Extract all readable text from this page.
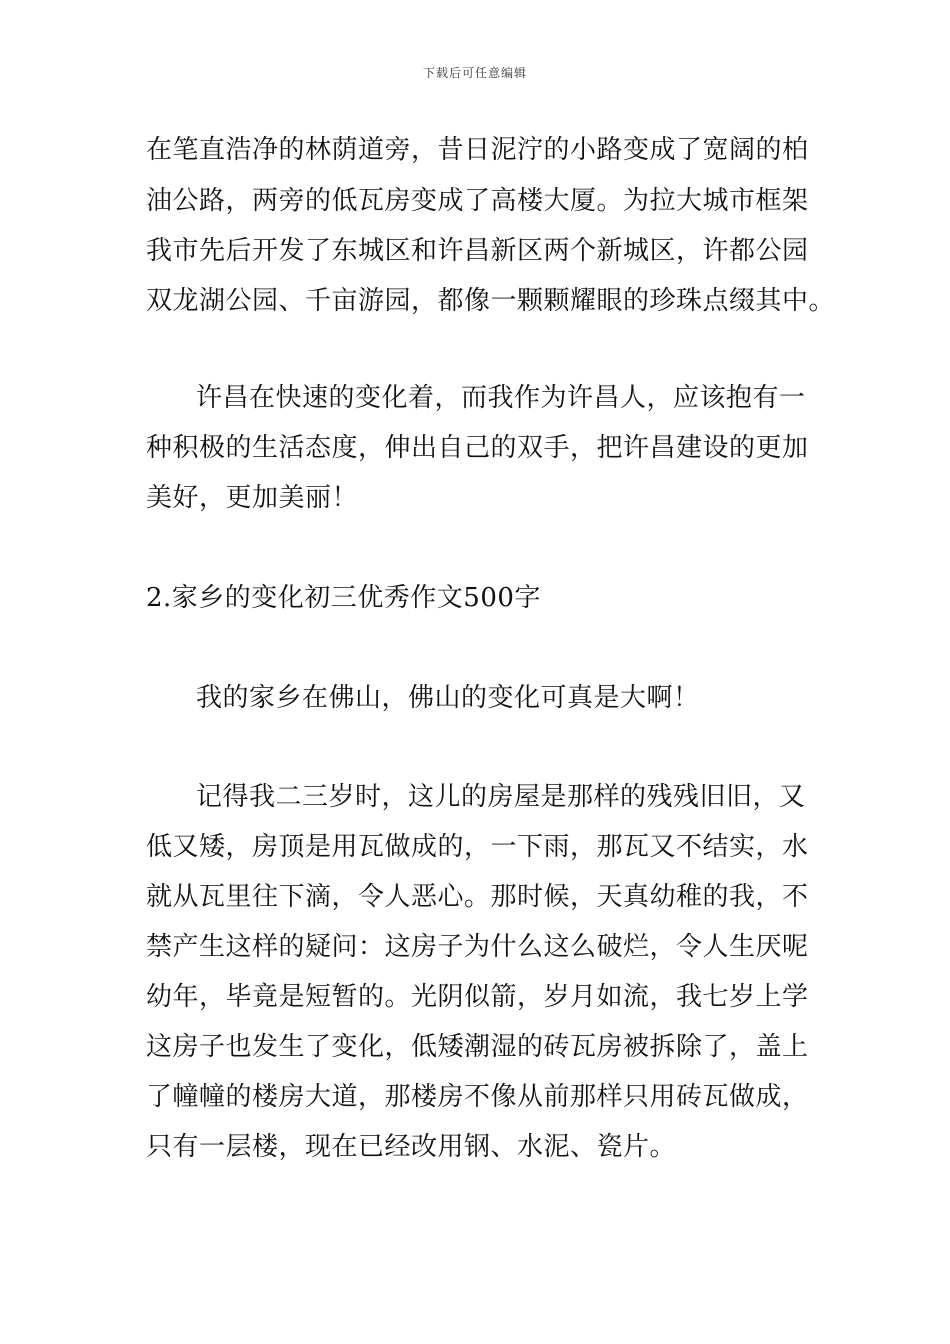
下载后可任意编辑
在笔直浩净的林荫道旁，昔日泥泞的小路变成了宽阔的柏
油公路，两旁的低瓦房变成了高楼大厦。为拉大城市框架
我市先后开发了东城区和许昌新区两个新城区，许都公园
双龙湖公园、千亩游园，都像一颗颗耀眼的珍珠点缀其中。
许昌在快速的变化着，而我作为许昌人，应该抱有一
种积极的生活态度，伸出自己的双手，把许昌建设的更加
美好，更加美丽！
2.家乡的变化初三优秀作文500字
我的家乡在佛山，佛山的变化可真是大啊！
记得我二三岁时，这儿的房屋是那样的残残旧旧，又
低又矮，房顶是用瓦做成的，一下雨，那瓦又不结实，水
就从瓦里往下滴，令人恶心。那时候，天真幼稚的我，不
禁产生这样的疑问：这房子为什么这么破烂，令人生厌呢
幼年，毕竟是短暂的。光阴似箭，岁月如流，我七岁上学
这房子也发生了变化，低矮潮湿的砖瓦房被拆除了，盖上
了幢幢的楼房大道，那楼房不像从前那样只用砖瓦做成，
只有一层楼，现在已经改用钢、水泥、瓷片。
